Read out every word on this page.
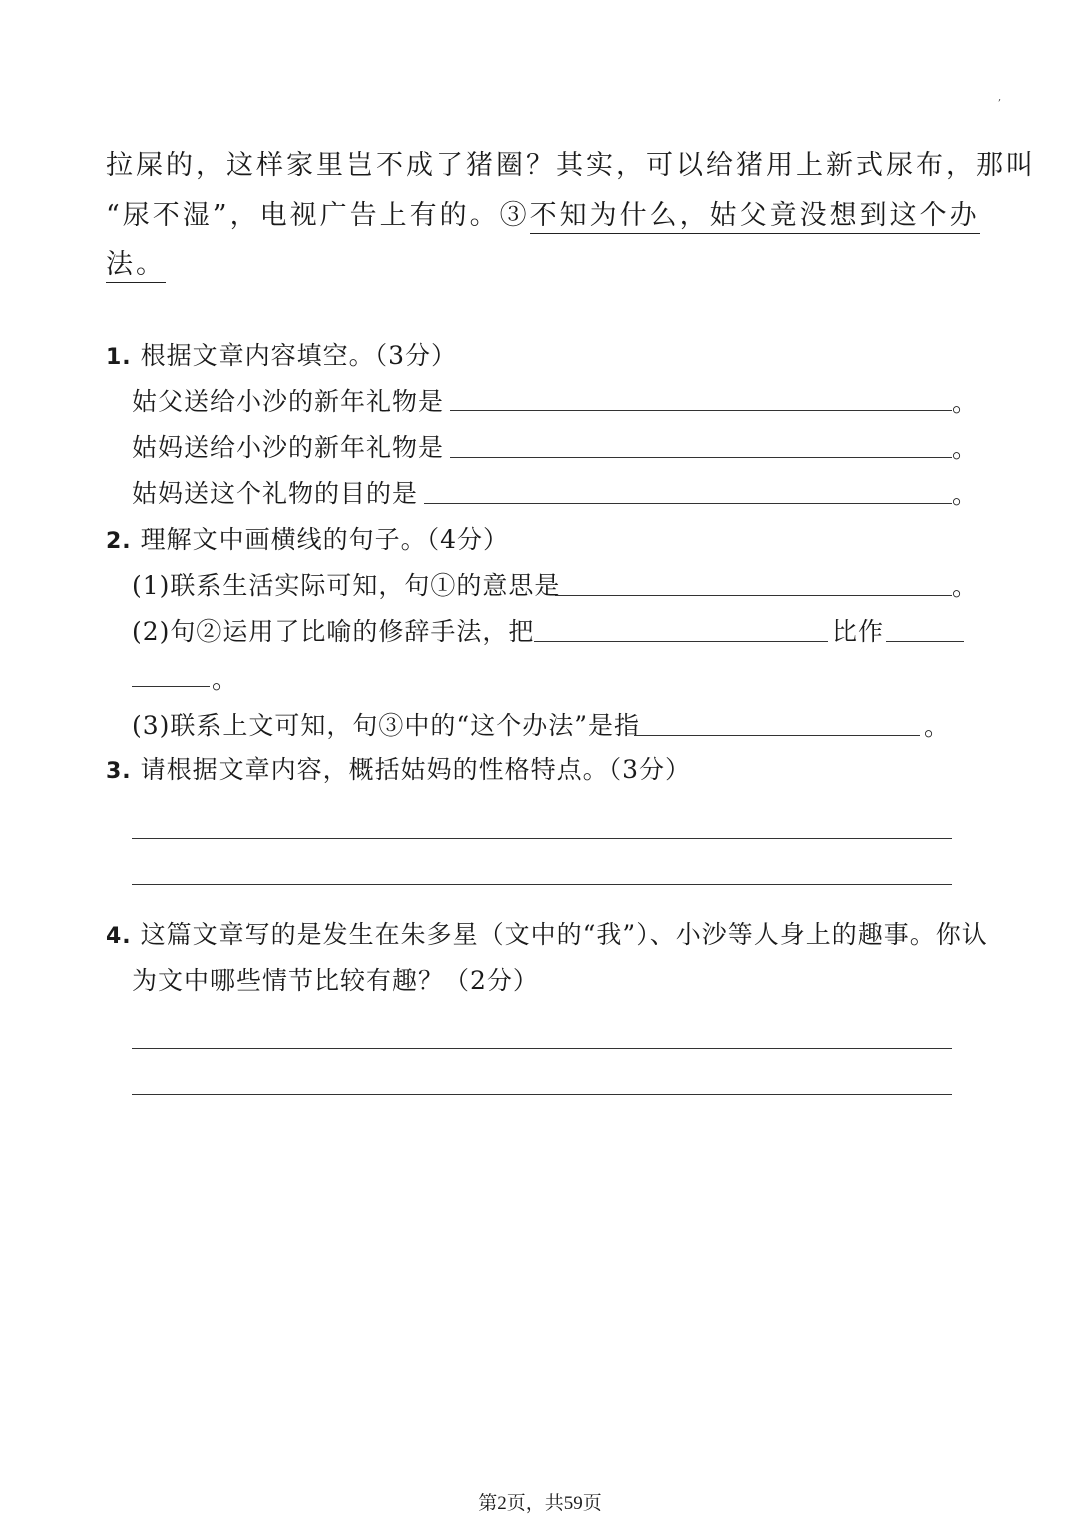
,
拉屎的，这样家里岂不成了猪圈？其实，可以给猪用上新式尿布，那叫
“尿不湿”，电视广告上有的。③不知为什么，姑父竟没想到这个办
法。
1. 根据文章内容填空。（3分）
姑父送给小沙的新年礼物是	。
姑妈送给小沙的新年礼物是	。
姑妈送这个礼物的目的是	。
2. 理解文中画横线的句子。（4分）
(1)联系生活实际可知，句①的意思是	。
(2)句②运用了比喻的修辞手法，把	比作
。
(3)联系上文可知，句③中的“这个办法”是指	。
3. 请根据文章内容，概括姑妈的性格特点。（3分）
4. 这篇文章写的是发生在朱多星（文中的“我”）、小沙等人身上的趣事。你认
为文中哪些情节比较有趣？（2分）
第2页，共59页
